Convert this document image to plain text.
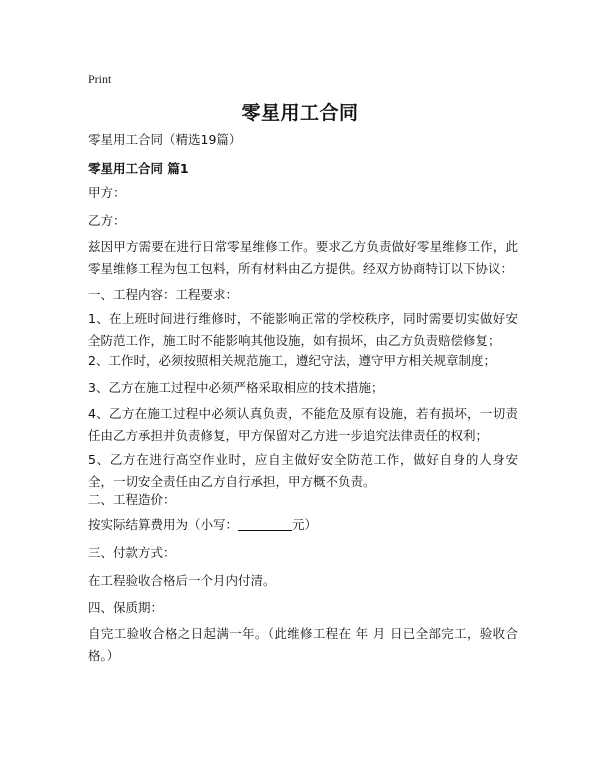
Print
零星用工合同
零星用工合同（精选19篇）
零星用工合同 篇1
甲方：
乙方：
兹因甲方需要在进行日常零星维修工作。要求乙方负责做好零星维修工作，此零星维修工程为包工包料，所有材料由乙方提供。经双方协商特订以下协议：
一、工程内容：工程要求：
1、在上班时间进行维修时，不能影响正常的学校秩序，同时需要切实做好安全防范工作，施工时不能影响其他设施，如有损坏，由乙方负责赔偿修复；
2、工作时，必须按照相关规范施工，遵纪守法，遵守甲方相关规章制度；
3、乙方在施工过程中必须严格采取相应的技术措施；
4、乙方在施工过程中必须认真负责，不能危及原有设施，若有损坏，一切责任由乙方承担并负责修复，甲方保留对乙方进一步追究法律责任的权利；
5、乙方在进行高空作业时，应自主做好安全防范工作，做好自身的人身安全，一切安全责任由乙方自行承担，甲方概不负责。
二、工程造价：
按实际结算费用为（小写：	元）
三、付款方式：
在工程验收合格后一个月内付清。
四、保质期：
自完工验收合格之日起满一年。（此维修工程在 年 月 日已全部完工，验收合格。）
